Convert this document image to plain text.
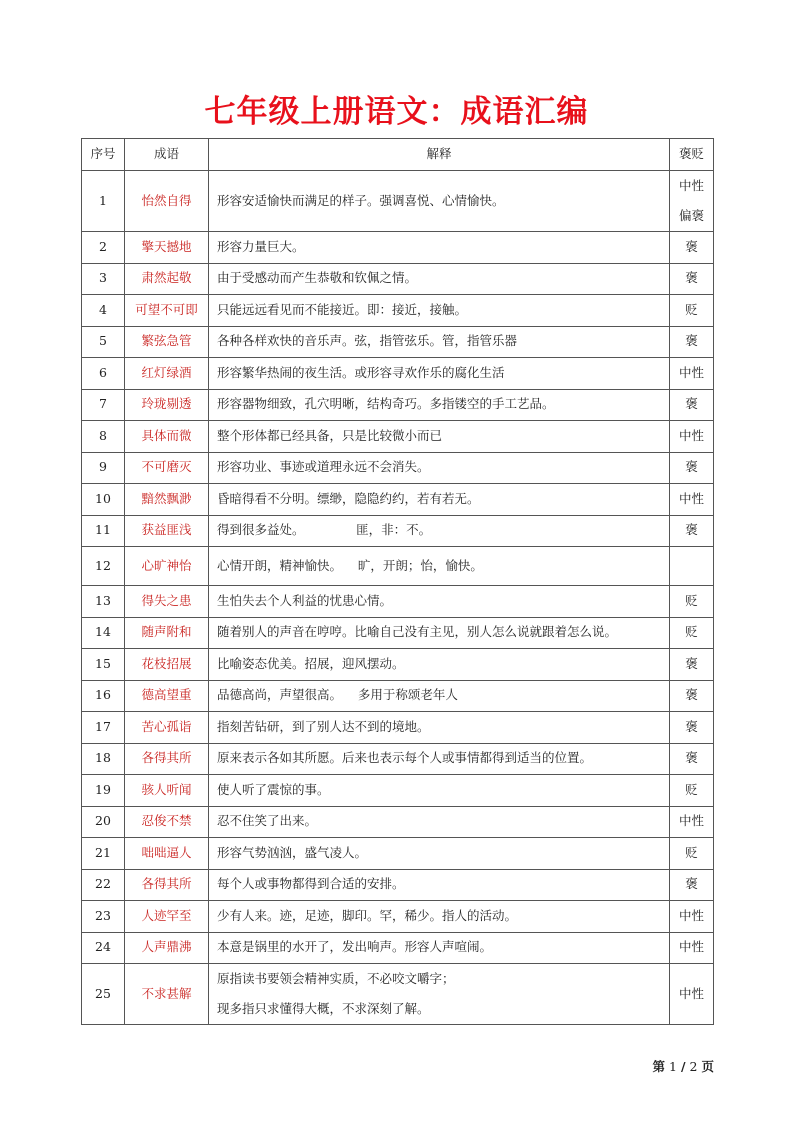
七年级上册语文：成语汇编
序号	成语	解释	褒贬
1	怡然自得	形容安适愉快而满足的样子。强调喜悦、心情愉快。	中性
偏褒

2	擎天撼地	形容力量巨大。	褒
3	肃然起敬	由于受感动而产生恭敬和钦佩之情。	褒
4	可望不可即	只能远远看见而不能接近。即：接近，接触。	贬
5	繁弦急管	各种各样欢快的音乐声。弦，指管弦乐。管，指管乐器	褒
6	红灯绿酒	形容繁华热闹的夜生活。或形容寻欢作乐的腐化生活	中性
7	玲珑剔透	形容器物细致，孔穴明晰，结构奇巧。多指镂空的手工艺品。	褒
8	具体而微	整个形体都已经具备，只是比较微小而已	中性
9	不可磨灭	形容功业、事迹或道理永远不会消失。	褒
10	黯然飘渺	昏暗得看不分明。缥缈，隐隐约约，若有若无。	中性
11	获益匪浅	得到很多益处。             匪，非：不。	褒
12	心旷神怡	心情开朗，精神愉快。    旷，开朗；怡，愉快。	
13	得失之患	生怕失去个人利益的忧患心情。	贬
14	随声附和	随着别人的声音在哼哼。比喻自己没有主见，别人怎么说就跟着怎么说。	贬
15	花枝招展	比喻姿态优美。招展，迎风摆动。	褒
16	德高望重	品德高尚，声望很高。    多用于称颂老年人	褒
17	苦心孤诣	指刻苦钻研，到了别人达不到的境地。	褒
18	各得其所	原来表示各如其所愿。后来也表示每个人或事情都得到适当的位置。	褒
19	骇人听闻	使人听了震惊的事。	贬
20	忍俊不禁	忍不住笑了出来。	中性
21	咄咄逼人	形容气势汹汹，盛气凌人。	贬
22	各得其所	每个人或事物都得到合适的安排。	褒
23	人迹罕至	少有人来。迹，足迹，脚印。罕，稀少。指人的活动。	中性
24	人声鼎沸	本意是锅里的水开了，发出响声。形容人声喧闹。	中性
25	不求甚解	原指读书要领会精神实质，不必咬文嚼字；
现多指只求懂得大概，不求深刻了解。	中性
第 1 / 2 页
